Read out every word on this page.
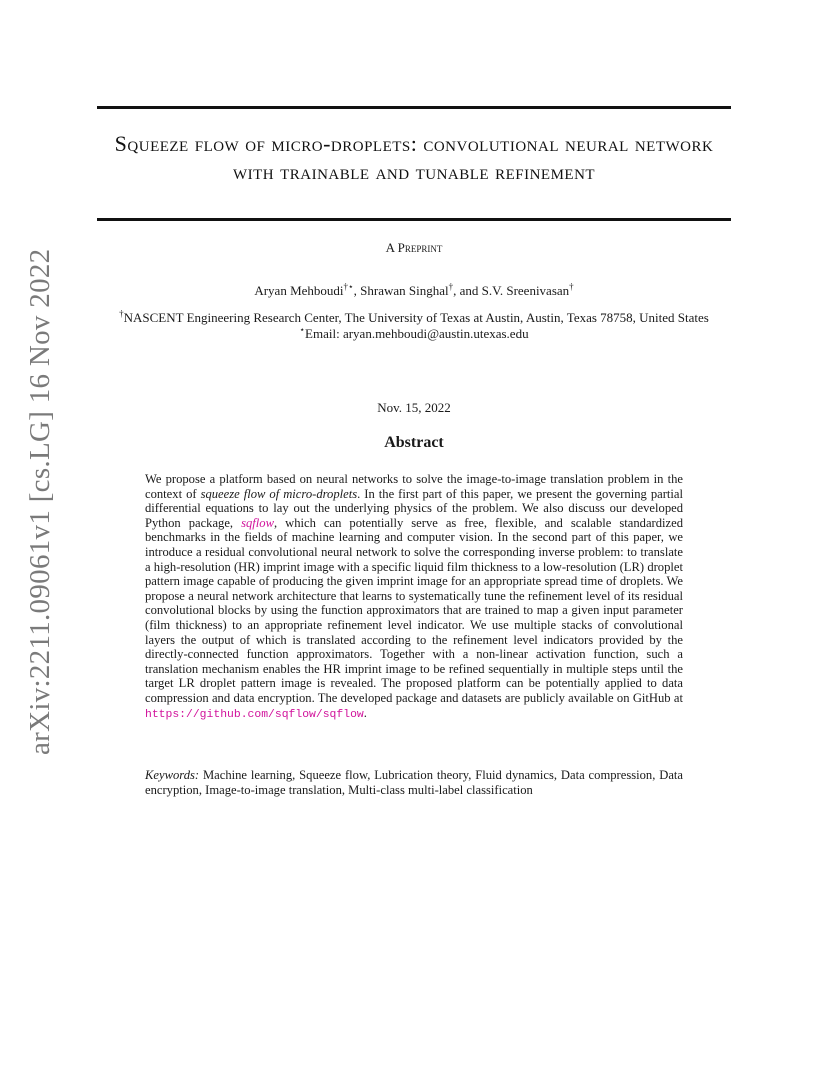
arXiv:2211.09061v1 [cs.LG] 16 Nov 2022
Squeeze flow of micro-droplets: convolutional neural network with trainable and tunable refinement
A Preprint
Aryan Mehboudi†⋆, Shrawan Singhal†, and S.V. Sreenivasan†
†NASCENT Engineering Research Center, The University of Texas at Austin, Austin, Texas 78758, United States
⋆Email: aryan.mehboudi@austin.utexas.edu
Nov. 15, 2022
Abstract
We propose a platform based on neural networks to solve the image-to-image translation problem in the context of squeeze flow of micro-droplets. In the first part of this paper, we present the governing partial differential equations to lay out the underlying physics of the problem. We also discuss our developed Python package, sqflow, which can potentially serve as free, flexible, and scalable standardized benchmarks in the fields of machine learning and computer vision. In the second part of this paper, we introduce a residual convolutional neural network to solve the corresponding inverse problem: to translate a high-resolution (HR) imprint image with a specific liquid film thickness to a low-resolution (LR) droplet pattern image capable of producing the given imprint image for an appropriate spread time of droplets. We propose a neural network architecture that learns to systematically tune the refinement level of its residual convolutional blocks by using the function approximators that are trained to map a given input parameter (film thickness) to an appropriate refinement level indicator. We use multiple stacks of convolutional layers the output of which is translated according to the refinement level indicators provided by the directly-connected function approximators. Together with a non-linear activation function, such a translation mechanism enables the HR imprint image to be refined sequentially in multiple steps until the target LR droplet pattern image is revealed. The proposed platform can be potentially applied to data compression and data encryption. The developed package and datasets are publicly available on GitHub at https://github.com/sqflow/sqflow.
Keywords: Machine learning, Squeeze flow, Lubrication theory, Fluid dynamics, Data compression, Data encryption, Image-to-image translation, Multi-class multi-label classification
